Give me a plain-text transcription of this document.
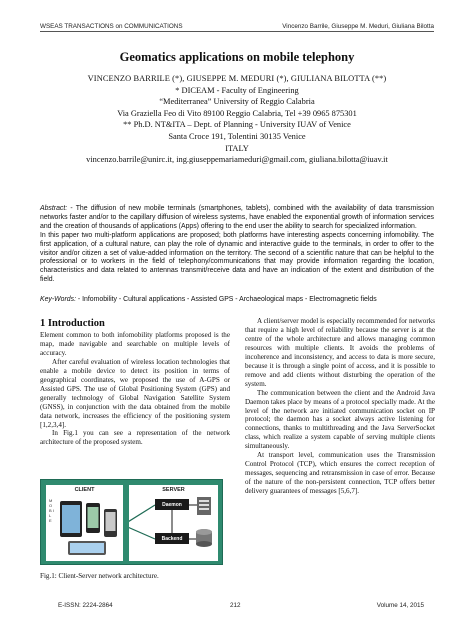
WSEAS TRANSACTIONS on COMMUNICATIONS	Vincenzo Barrile, Giuseppe M. Meduri, Giuliana Bilotta
Geomatics applications on mobile telephony
VINCENZO BARRILE (*), GIUSEPPE M. MEDURI (*), GIULIANA BILOTTA (**)
* DICEAM - Faculty of Engineering
“Mediterranea” University of Reggio Calabria
Via Graziella Feo di Vito 89100 Reggio Calabria, Tel +39 0965 875301
** Ph.D. NT&ITA – Dept. of Planning - University IUAV of Venice
Santa Croce 191, Tolentini 30135 Venice
ITALY
vincenzo.barrile@unirc.it, ing.giuseppemariameduri@gmail.com, giuliana.bilotta@iuav.it

Abstract: - The diffusion of new mobile terminals (smartphones, tablets), combined with the availability of data transmission networks faster and/or to the capillary diffusion of wireless systems, have enabled the exponential growth of information services and the creation of thousands of applications (Apps) offering to the end user the ability to search for specialized information.

In this paper two multi-platform applications are proposed; both platforms have interesting aspects concerning infomobility. The first application, of a cultural nature, can play the role of dynamic and interactive guide to the terminals, in order to offer to the visitor and/or citizen a set of value-added information on the territory. The second of a scientific nature that can be helpful to the professional or to workers in the field of telephony/communications that may provide information regarding the location, characteristics and data related to antennas transmit/receive data and have an indication of the extent and distribution of the field.

Key-Words: - Infomobility - Cultural applications - Assisted GPS - Archaeological maps - Electromagnetic fields
1 Introduction

Element common to both infomobility platforms proposed is the map, made navigable and searchable on multiple levels of accuracy.

After careful evaluation of wireless location technologies that enable a mobile device to detect its position in terms of geographical coordinates, we proposed the use of A-GPS or Assisted GPS. The use of Global Positioning System (GPS) and generally technology of Global Navigation Satellite System (GNSS), in conjunction with the data obtained from the mobile data network, increases the efficiency of the positioning system [1,2,3,4].

In Fig.1 you can see a representation of the network architecture of the proposed system.

CLIENT
M O B I L E
SERVER
Daemon
Backend
Fig.1: Client-Server network architecture.

A client/server model is especially recommended for networks that require a high level of reliability because the server is at the centre of the whole architecture and allows managing common resources with multiple clients. It avoids the problems of incoherence and inconsistency, and access to data is more secure, because it is through a single point of access, and it is possible to remove and add clients without disturbing the operation of the system.

The communication between the client and the Android Java Daemon takes place by means of a protocol specially made. At the level of the network are initiated communication socket on IP protocol; the daemon has a socket always active listening for connections, thanks to multithreading and the Java ServerSocket class, which realize a system capable of serving multiple clients simultaneously.

At transport level, communication uses the Transmission Control Protocol (TCP), which ensures the correct reception of messages, sequencing and retransmission in case of error. Because of the nature of the non-persistent connection, TCP offers better delivery guarantees of messages [5,6,7].

E-ISSN: 2224-2864	212	Volume 14, 2015
